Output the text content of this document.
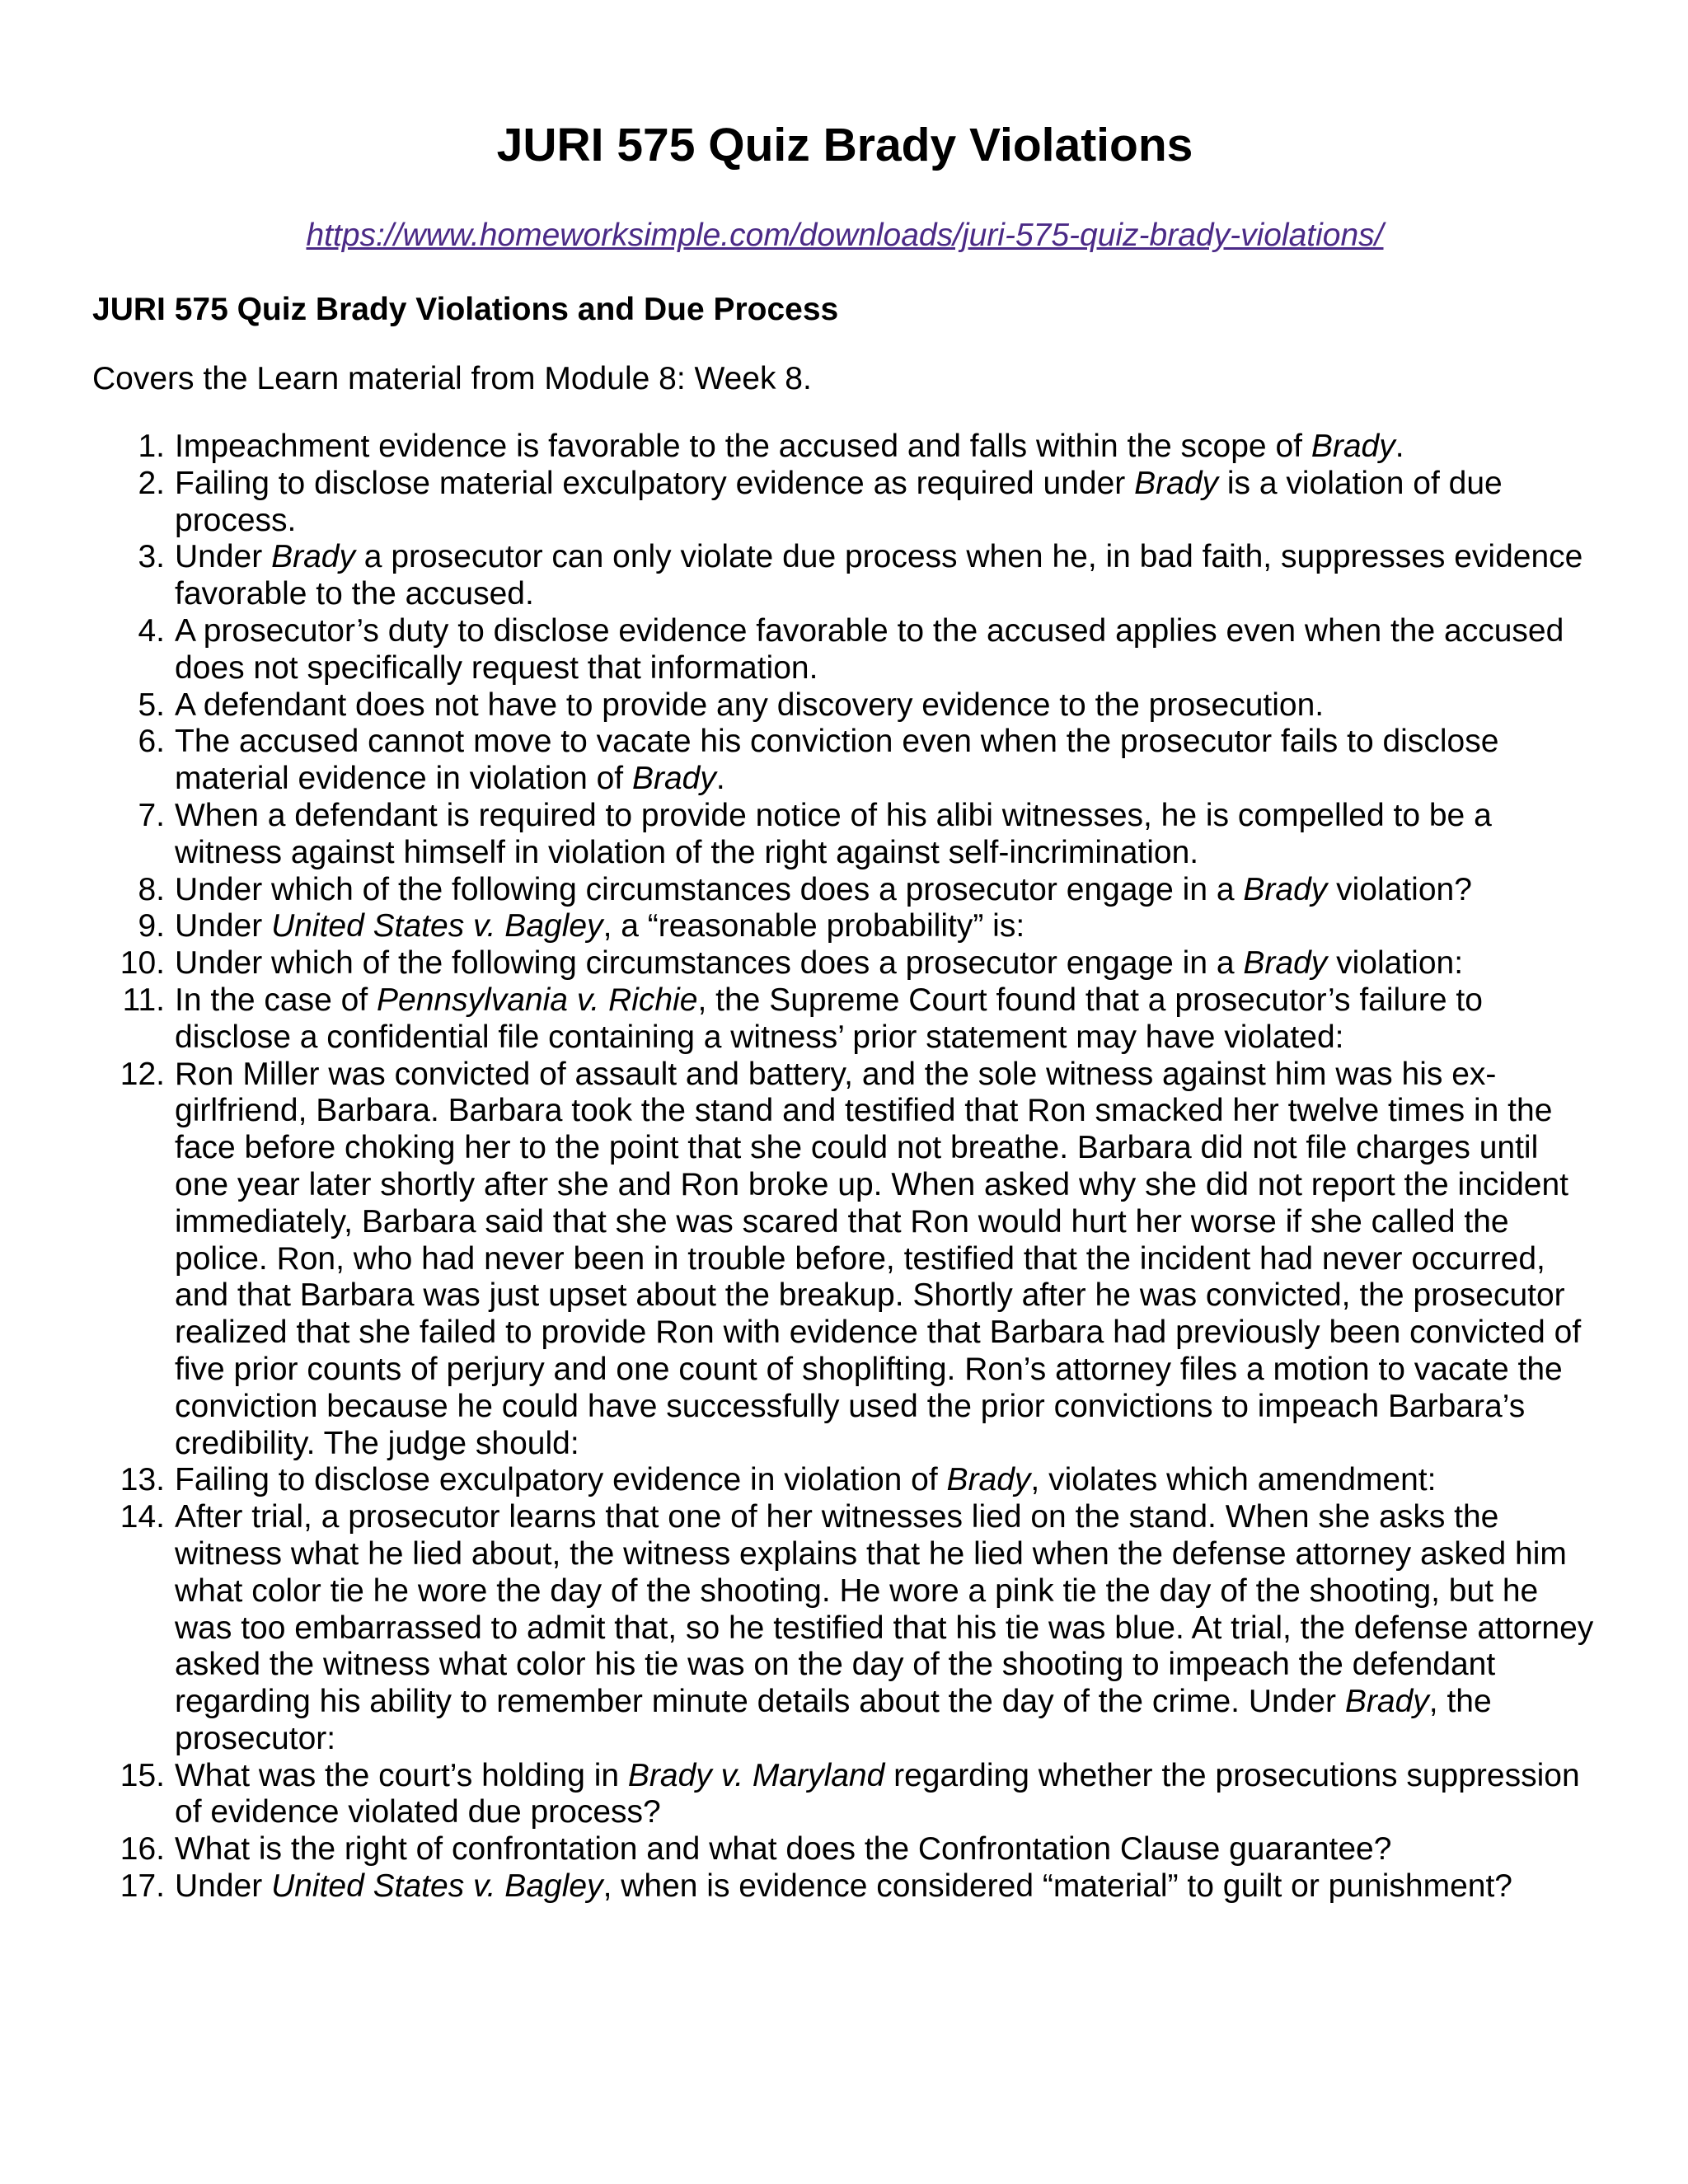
JURI 575 Quiz Brady Violations

https://www.homeworksimple.com/downloads/juri-575-quiz-brady-violations/

JURI 575 Quiz Brady Violations and Due Process

Covers the Learn material from Module 8: Week 8.

1. Impeachment evidence is favorable to the accused and falls within the scope of Brady.
2. Failing to disclose material exculpatory evidence as required under Brady is a violation of due process.
3. Under Brady a prosecutor can only violate due process when he, in bad faith, suppresses evidence favorable to the accused.
4. A prosecutor’s duty to disclose evidence favorable to the accused applies even when the accused does not specifically request that information.
5. A defendant does not have to provide any discovery evidence to the prosecution.
6. The accused cannot move to vacate his conviction even when the prosecutor fails to disclose material evidence in violation of Brady.
7. When a defendant is required to provide notice of his alibi witnesses, he is compelled to be a witness against himself in violation of the right against self-incrimination.
8. Under which of the following circumstances does a prosecutor engage in a Brady violation?
9. Under United States v. Bagley, a “reasonable probability” is:
10. Under which of the following circumstances does a prosecutor engage in a Brady violation:
11. In the case of Pennsylvania v. Richie, the Supreme Court found that a prosecutor’s failure to disclose a confidential file containing a witness’ prior statement may have violated:
12. Ron Miller was convicted of assault and battery, and the sole witness against him was his ex-girlfriend, Barbara. Barbara took the stand and testified that Ron smacked her twelve times in the face before choking her to the point that she could not breathe. Barbara did not file charges until one year later shortly after she and Ron broke up. When asked why she did not report the incident immediately, Barbara said that she was scared that Ron would hurt her worse if she called the police. Ron, who had never been in trouble before, testified that the incident had never occurred, and that Barbara was just upset about the breakup. Shortly after he was convicted, the prosecutor realized that she failed to provide Ron with evidence that Barbara had previously been convicted of five prior counts of perjury and one count of shoplifting. Ron’s attorney files a motion to vacate the conviction because he could have successfully used the prior convictions to impeach Barbara’s credibility. The judge should:
13. Failing to disclose exculpatory evidence in violation of Brady, violates which amendment:
14. After trial, a prosecutor learns that one of her witnesses lied on the stand. When she asks the witness what he lied about, the witness explains that he lied when the defense attorney asked him what color tie he wore the day of the shooting. He wore a pink tie the day of the shooting, but he was too embarrassed to admit that, so he testified that his tie was blue. At trial, the defense attorney asked the witness what color his tie was on the day of the shooting to impeach the defendant regarding his ability to remember minute details about the day of the crime. Under Brady, the prosecutor:
15. What was the court’s holding in Brady v. Maryland regarding whether the prosecutions suppression of evidence violated due process?
16. What is the right of confrontation and what does the Confrontation Clause guarantee?
17. Under United States v. Bagley, when is evidence considered “material” to guilt or punishment?
